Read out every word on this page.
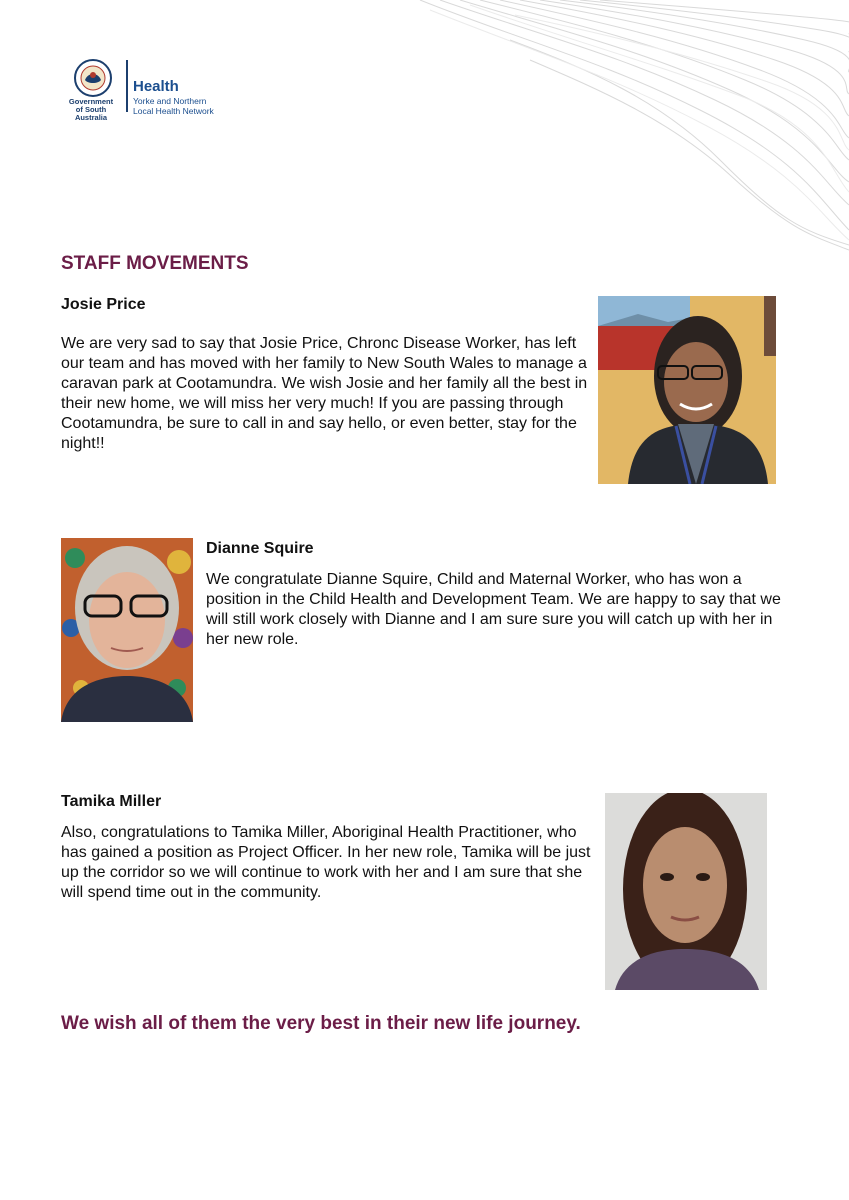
Government
of South Australia
Health
Yorke and Northern
Local Health Network
STAFF MOVEMENTS
Josie Price

We are very sad to say that Josie Price, Chronc Disease Worker, has left our team and has moved with her family to New South Wales to manage a caravan park at Cootamundra. We wish Josie and her family all the best in their new home, we will miss her very much! If you are passing through Cootamundra, be sure to call in and say hello, or even better, stay for the night!!

Dianne Squire

We congratulate Dianne Squire, Child and Maternal Worker, who has won a position in the Child Health and Development Team. We are happy to say that we will still work closely with Dianne and I am sure sure you will catch up with her in her new role.

Tamika Miller

Also, congratulations to Tamika Miller, Aboriginal Health Practitioner, who has gained a position as Project Officer. In her new role, Tamika will be just up the corridor so we will continue to work with her and I am sure that she will spend time out in the community.

We wish all of them the very best in their new life journey.
